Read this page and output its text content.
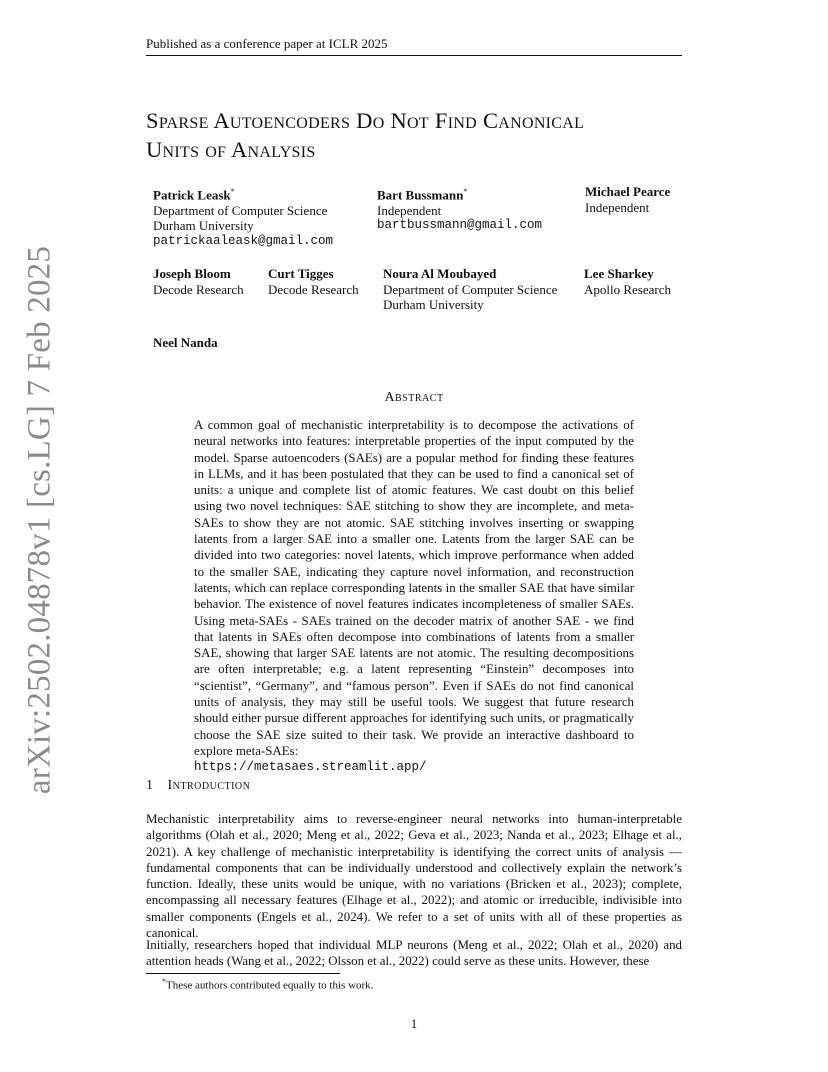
arXiv:2502.04878v1 [cs.LG] 7 Feb 2025
Published as a conference paper at ICLR 2025
Sparse Autoencoders Do Not Find Canonical
Units of Analysis
Patrick Leask*
Department of Computer Science
Durham University
patrickaaleask@gmail.com
Bart Bussmann*
Independent
bartbussmann@gmail.com
Michael Pearce
Independent
Joseph Bloom
Decode Research
Curt Tigges
Decode Research
Noura Al Moubayed
Department of Computer Science
Durham University
Lee Sharkey
Apollo Research
Neel Nanda
Abstract
A common goal of mechanistic interpretability is to decompose the activations of neural networks into features: interpretable properties of the input computed by the model. Sparse autoencoders (SAEs) are a popular method for finding these features in LLMs, and it has been postulated that they can be used to find a canonical set of units: a unique and complete list of atomic features. We cast doubt on this belief using two novel techniques: SAE stitching to show they are incomplete, and meta-SAEs to show they are not atomic. SAE stitching involves inserting or swapping latents from a larger SAE into a smaller one. Latents from the larger SAE can be divided into two categories: novel latents, which improve performance when added to the smaller SAE, indicating they capture novel information, and reconstruction latents, which can replace corresponding latents in the smaller SAE that have similar behavior. The existence of novel features indicates incompleteness of smaller SAEs. Using meta-SAEs - SAEs trained on the decoder matrix of another SAE - we find that latents in SAEs often decompose into combinations of latents from a smaller SAE, showing that larger SAE latents are not atomic. The resulting decompositions are often interpretable; e.g. a latent representing “Einstein” decomposes into “scientist”, “Germany”, and “famous person”. Even if SAEs do not find canonical units of analysis, they may still be useful tools. We suggest that future research should either pursue different approaches for identifying such units, or pragmatically choose the SAE size suited to their task. We provide an interactive dashboard to explore meta-SAEs:
https://metasaes.streamlit.app/
1 Introduction

Mechanistic interpretability aims to reverse-engineer neural networks into human-interpretable algorithms (Olah et al., 2020; Meng et al., 2022; Geva et al., 2023; Nanda et al., 2023; Elhage et al., 2021). A key challenge of mechanistic interpretability is identifying the correct units of analysis — fundamental components that can be individually understood and collectively explain the network’s function. Ideally, these units would be unique, with no variations (Bricken et al., 2023); complete, encompassing all necessary features (Elhage et al., 2022); and atomic or irreducible, indivisible into smaller components (Engels et al., 2024). We refer to a set of units with all of these properties as canonical.

Initially, researchers hoped that individual MLP neurons (Meng et al., 2022; Olah et al., 2020) and attention heads (Wang et al., 2022; Olsson et al., 2022) could serve as these units. However, these

*These authors contributed equally to this work.
1
